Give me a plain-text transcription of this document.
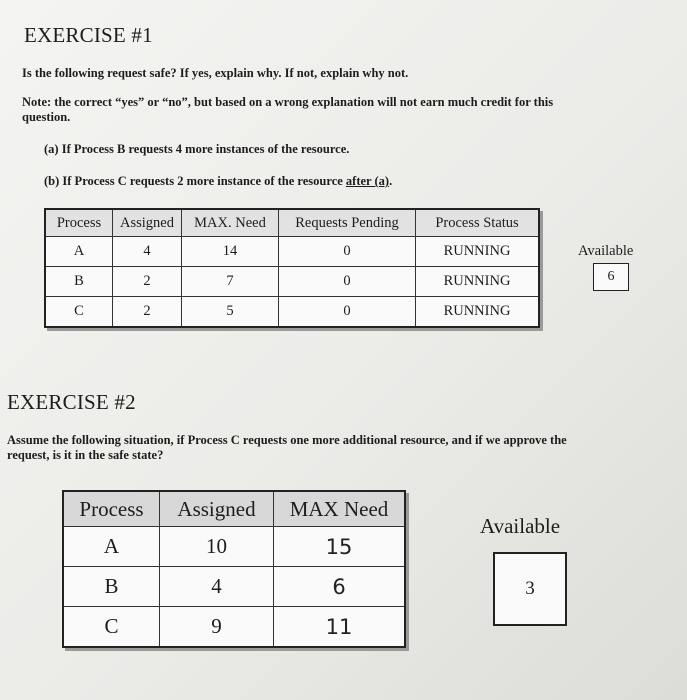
EXERCISE #1
Is the following request safe? If yes, explain why. If not, explain why not.
Note: the correct “yes” or “no”, but based on a wrong explanation will not earn much credit for this
question.
(a) If Process B requests 4 more instances of the resource.
(b) If Process C requests 2 more instance of the resource after (a).
Process	Assigned	MAX. Need	Requests Pending	Process Status
A	4	14	0	RUNNING
B	2	7	0	RUNNING
C	2	5	0	RUNNING
Available
6
EXERCISE #2
Assume the following situation, if Process C requests one more additional resource, and if we approve the
request, is it in the safe state?
Process	Assigned	MAX Need
A	10	15
B	4	6
C	9	11
Available
3
